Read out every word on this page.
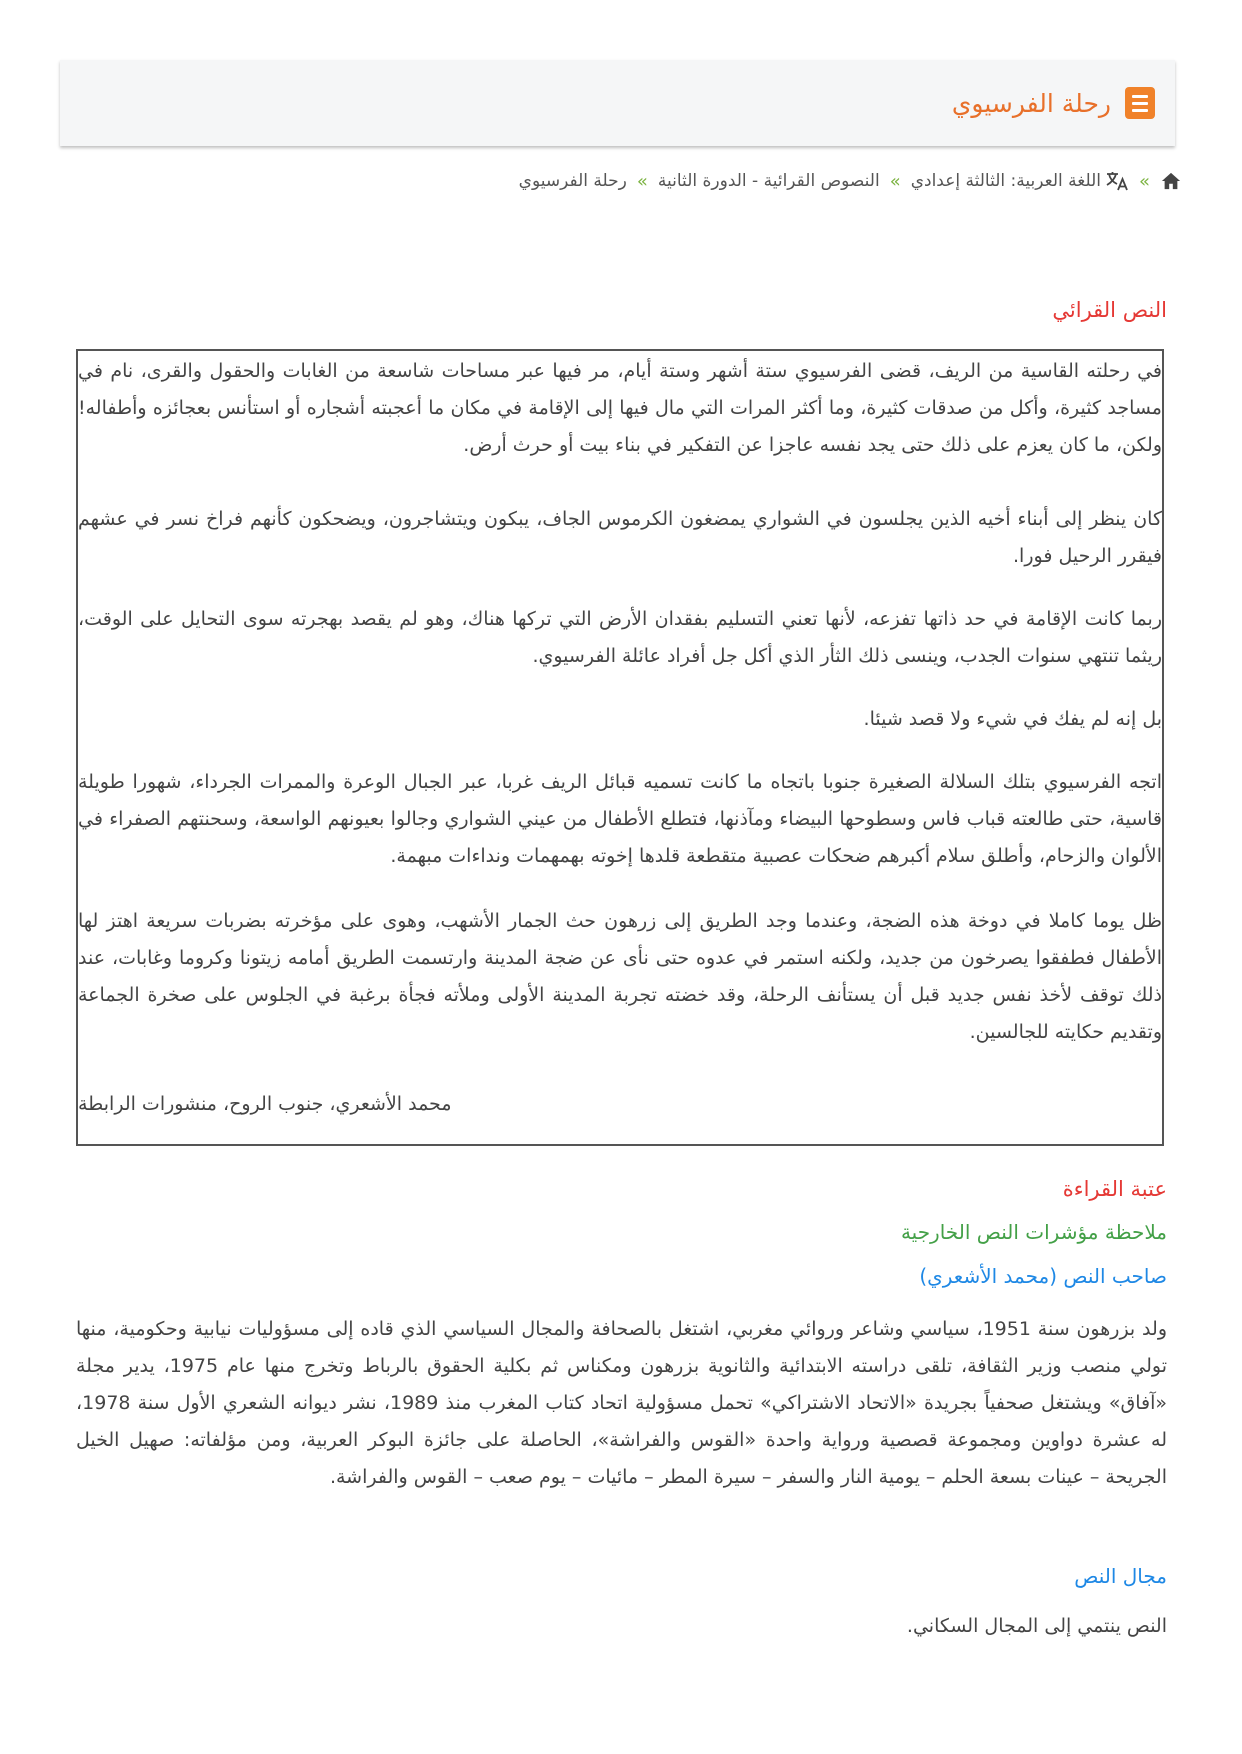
رحلة الفرسيوي
»
اللغة العربية: الثالثة إعدادي
»
النصوص القرائية - الدورة الثانية
»
رحلة الفرسيوي
النص القرائي
في رحلته القاسية من الريف، قضى الفرسيوي ستة أشهر وستة أيام، مر فيها عبر مساحات شاسعة من الغابات والحقول والقرى، نام في مساجد كثيرة، وأكل من صدقات كثيرة، وما أكثر المرات التي مال فيها إلى الإقامة في مكان ما أعجبته أشجاره أو استأنس بعجائزه وأطفاله! ولكن، ما كان يعزم على ذلك حتى يجد نفسه عاجزا عن التفكير في بناء بيت أو حرث أرض.
كان ينظر إلى أبناء أخيه الذين يجلسون في الشواري يمضغون الكرموس الجاف، يبكون ويتشاجرون، ويضحكون كأنهم فراخ نسر في عشهم فيقرر الرحيل فورا.
ربما كانت الإقامة في حد ذاتها تفزعه، لأنها تعني التسليم بفقدان الأرض التي تركها هناك، وهو لم يقصد بهجرته سوى التحايل على الوقت، ريثما تنتهي سنوات الجدب، وينسى ذلك الثأر الذي أكل جل أفراد عائلة الفرسيوي.
بل إنه لم يفك في شيء ولا قصد شيئا.
اتجه الفرسيوي بتلك السلالة الصغيرة جنوبا باتجاه ما كانت تسميه قبائل الريف غربا، عبر الجبال الوعرة والممرات الجرداء، شهورا طويلة قاسية، حتى طالعته قباب فاس وسطوحها البيضاء ومآذنها، فتطلع الأطفال من عيني الشواري وجالوا بعيونهم الواسعة، وسحنتهم الصفراء في الألوان والزحام، وأطلق سلام أكبرهم ضحكات عصبية متقطعة قلدها إخوته بهمهمات ونداءات مبهمة.
ظل يوما كاملا في دوخة هذه الضجة، وعندما وجد الطريق إلى زرهون حث الجمار الأشهب، وهوى على مؤخرته بضربات سريعة اهتز لها الأطفال فطفقوا يصرخون من جديد، ولكنه استمر في عدوه حتى نأى عن ضجة المدينة وارتسمت الطريق أمامه زيتونا وكروما وغابات، عند ذلك توقف لأخذ نفس جديد قبل أن يستأنف الرحلة، وقد خضته تجربة المدينة الأولى وملأته فجأة برغبة في الجلوس على صخرة الجماعة وتقديم حكايته للجالسين.
محمد الأشعري، جنوب الروح، منشورات الرابطة
عتبة القراءة
ملاحظة مؤشرات النص الخارجية
صاحب النص (محمد الأشعري)
ولد بزرهون سنة 1951، سياسي وشاعر وروائي مغربي، اشتغل بالصحافة والمجال السياسي الذي قاده إلى مسؤوليات نيابية وحكومية، منها تولي منصب وزير الثقافة، تلقى دراسته الابتدائية والثانوية بزرهون ومكناس ثم بكلية الحقوق بالرباط وتخرج منها عام 1975، يدير مجلة «آفاق» ويشتغل صحفياً بجريدة «الاتحاد الاشتراكي» تحمل مسؤولية اتحاد كتاب المغرب منذ 1989، نشر ديوانه الشعري الأول سنة 1978، له عشرة دواوين ومجموعة قصصية ورواية واحدة «القوس والفراشة»، الحاصلة على جائزة البوكر العربية، ومن مؤلفاته: صهيل الخيل الجريحة – عينات بسعة الحلم – يومية النار والسفر – سيرة المطر – مائيات – يوم صعب – القوس والفراشة.
مجال النص
النص ينتمي إلى المجال السكاني.
